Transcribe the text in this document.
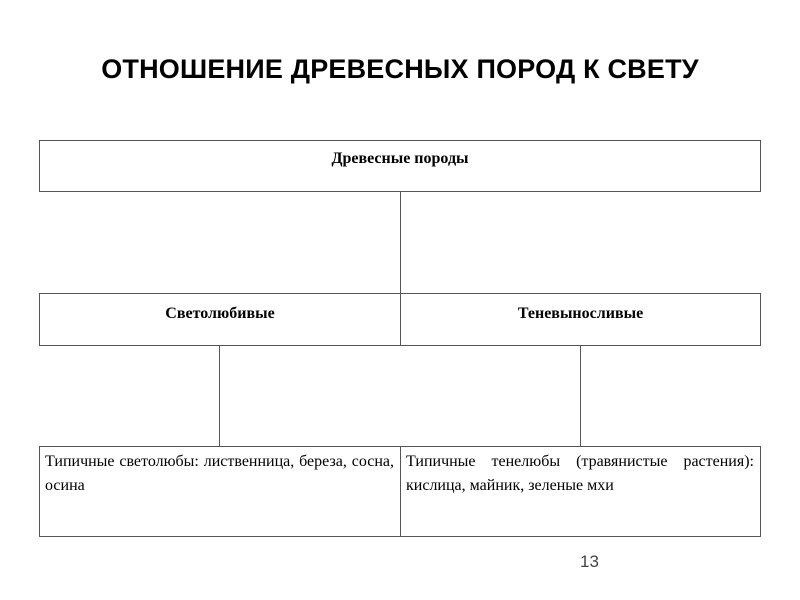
ОТНОШЕНИЕ ДРЕВЕСНЫХ ПОРОД К СВЕТУ
Древесные породы
Светолюбивые	Теневыносливые
Типичные светолюбы: лиственница, береза, сосна, осина
Типичные тенелюбы (травянистые растения): кислица, майник, зеленые мхи
13
